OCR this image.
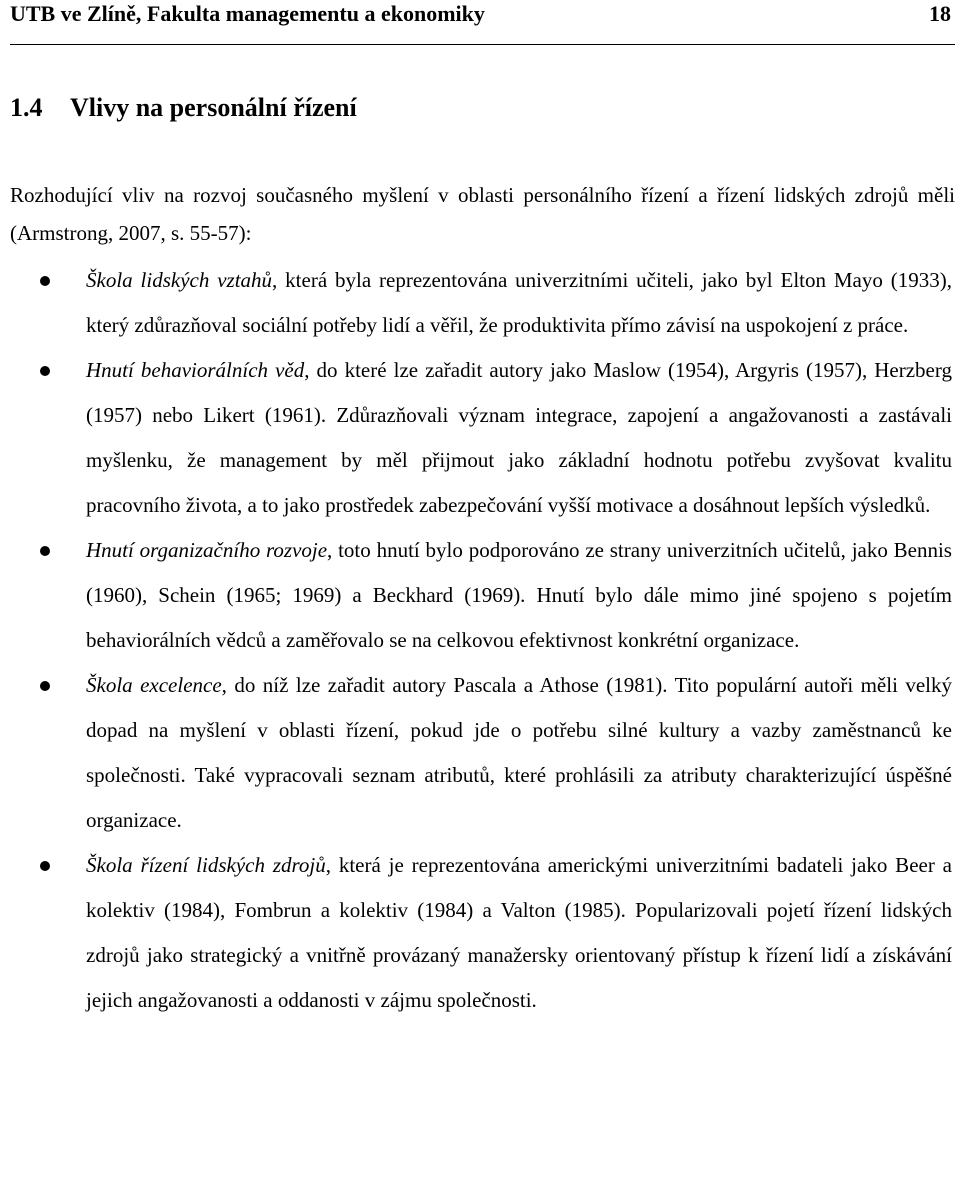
UTB ve Zlíně, Fakulta managementu a ekonomiky	18
1.4 Vlivy na personální řízení

Rozhodující vliv na rozvoj současného myšlení v oblasti personálního řízení a řízení lidských zdrojů měli (Armstrong, 2007, s. 55-57):

Škola lidských vztahů, která byla reprezentována univerzitními učiteli, jako byl Elton Mayo (1933), který zdůrazňoval sociální potřeby lidí a věřil, že produktivita přímo závisí na uspokojení z práce.
Hnutí behaviorálních věd, do které lze zařadit autory jako Maslow (1954), Argyris (1957), Herzberg (1957) nebo Likert (1961). Zdůrazňovali význam integrace, zapojení a angažovanosti a zastávali myšlenku, že management by měl přijmout jako základní hodnotu potřebu zvyšovat kvalitu pracovního života, a to jako prostředek zabezpečování vyšší motivace a dosáhnout lepších výsledků.
Hnutí organizačního rozvoje, toto hnutí bylo podporováno ze strany univerzitních učitelů, jako Bennis (1960), Schein (1965; 1969) a Beckhard (1969). Hnutí bylo dále mimo jiné spojeno s pojetím behaviorálních vědců a zaměřovalo se na celkovou efektivnost konkrétní organizace.
Škola excelence, do níž lze zařadit autory Pascala a Athose (1981). Tito populární autoři měli velký dopad na myšlení v oblasti řízení, pokud jde o potřebu silné kultury a vazby zaměstnanců ke společnosti. Také vypracovali seznam atributů, které prohlásili za atributy charakterizující úspěšné organizace.
Škola řízení lidských zdrojů, která je reprezentována americkými univerzitními badateli jako Beer a kolektiv (1984), Fombrun a kolektiv (1984) a Valton (1985). Popularizovali pojetí řízení lidských zdrojů jako strategický a vnitřně provázaný manažersky orientovaný přístup k řízení lidí a získávání jejich angažovanosti a oddanosti v zájmu společnosti.
